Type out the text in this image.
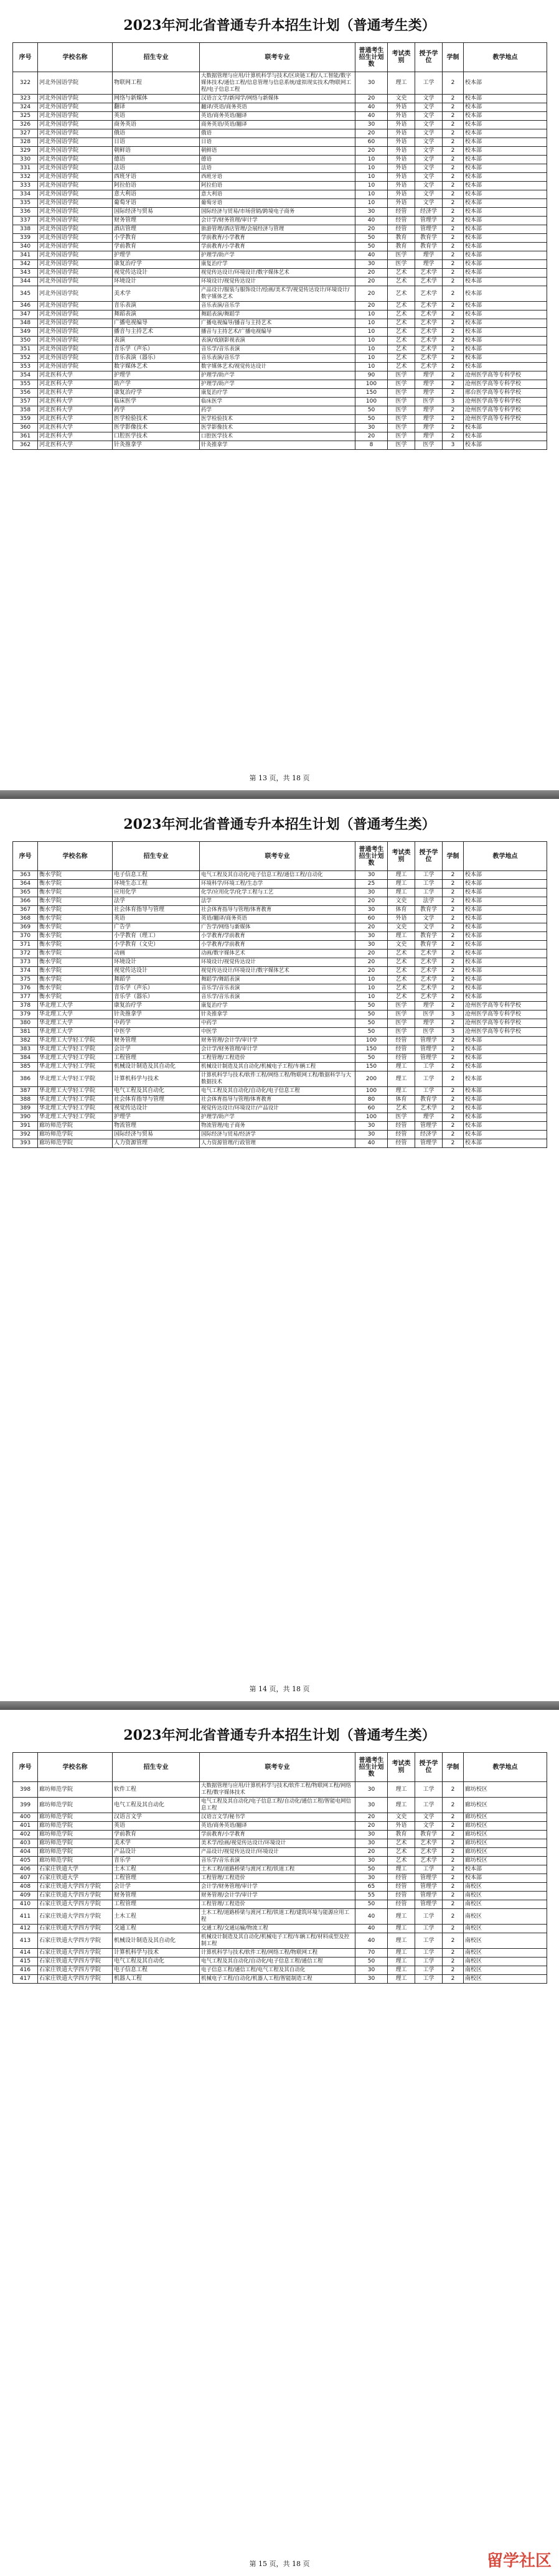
2023年河北省普通专升本招生计划（普通考生类）
序号	学校名称	招生专业	联考专业	普通考生招生计划数	考试类别	授予学位	学制	教学地点
322	河北外国语学院	物联网工程	大数据管理与应用/计算机科学与技术/区块链工程/人工智能/数字媒体技术/通信工程/信息管理与信息系统/虚拟现实技术/物联网工程/电子信息工程	30	理工	工学	2	校本部
323	河北外国语学院	网络与新媒体	汉语言文学/新闻学/网络与新媒体	20	文史	文学	2	校本部
324	河北外国语学院	翻译	翻译/英语/商务英语	40	外语	文学	2	校本部
325	河北外国语学院	英语	英语/商务英语/翻译	40	外语	文学	2	校本部
326	河北外国语学院	商务英语	商务英语/英语/翻译	30	外语	文学	2	校本部
327	河北外国语学院	俄语	俄语	20	外语	文学	2	校本部
328	河北外国语学院	日语	日语	60	外语	文学	2	校本部
329	河北外国语学院	朝鲜语	朝鲜语	20	外语	文学	2	校本部
330	河北外国语学院	德语	德语	10	外语	文学	2	校本部
331	河北外国语学院	法语	法语	10	外语	文学	2	校本部
332	河北外国语学院	西班牙语	西班牙语	10	外语	文学	2	校本部
333	河北外国语学院	阿拉伯语	阿拉伯语	10	外语	文学	2	校本部
334	河北外国语学院	意大利语	意大利语	10	外语	文学	2	校本部
335	河北外国语学院	葡萄牙语	葡萄牙语	10	外语	文学	2	校本部
336	河北外国语学院	国际经济与贸易	国际经济与贸易/市场营销/跨境电子商务	30	经管	经济学	2	校本部
337	河北外国语学院	财务管理	会计学/财务管理/审计学	40	经管	管理学	2	校本部
338	河北外国语学院	酒店管理	旅游管理/酒店管理/会展经济与管理	20	经管	管理学	2	校本部
339	河北外国语学院	小学教育	学前教育/小学教育	50	教育	教育学	2	校本部
340	河北外国语学院	学前教育	学前教育/小学教育	50	教育	教育学	2	校本部
341	河北外国语学院	护理学	护理学/助产学	40	医学	理学	2	校本部
342	河北外国语学院	康复治疗学	康复治疗学	30	医学	理学	2	校本部
343	河北外国语学院	视觉传达设计	视觉传达设计/环境设计/数字媒体艺术	20	艺术	艺术学	2	校本部
344	河北外国语学院	环境设计	环境设计/视觉传达设计	20	艺术	艺术学	2	校本部
345	河北外国语学院	美术学	产品设计/服装与服饰设计/绘画/美术学/视觉传达设计/环境设计/数字媒体艺术	20	艺术	艺术学	2	校本部
346	河北外国语学院	音乐表演	音乐表演/音乐学	20	艺术	艺术学	2	校本部
347	河北外国语学院	舞蹈表演	舞蹈表演/舞蹈学	10	艺术	艺术学	2	校本部
348	河北外国语学院	广播电视编导	广播电视编导/播音与主持艺术	10	艺术	艺术学	2	校本部
349	河北外国语学院	播音与主持艺术	播音与主持艺术/广播电视编导	10	艺术	艺术学	2	校本部
350	河北外国语学院	表演	表演/戏剧影视表演	10	艺术	艺术学	2	校本部
351	河北外国语学院	音乐学（声乐）	音乐学/音乐表演	10	艺术	艺术学	2	校本部
352	河北外国语学院	音乐表演（器乐）	音乐表演/音乐学	10	艺术	艺术学	2	校本部
353	河北外国语学院	数字媒体艺术	数字媒体艺术/视觉传达设计	10	艺术	艺术学	2	校本部
354	河北医科大学	护理学	护理学/助产学	90	医学	理学	2	沧州医学高等专科学校
355	河北医科大学	助产学	护理学/助产学	100	医学	理学	2	沧州医学高等专科学校
356	河北医科大学	康复治疗学	康复治疗学	150	医学	理学	2	邢台医学高等专科学校
357	河北医科大学	临床医学	临床医学	100	医学	医学	3	沧州医学高等专科学校
358	河北医科大学	药学	药学	50	医学	理学	2	沧州医学高等专科学校
359	河北医科大学	医学检验技术	医学检验技术	50	医学	理学	2	沧州医学高等专科学校
360	河北医科大学	医学影像技术	医学影像技术	30	医学	理学	2	校本部
361	河北医科大学	口腔医学技术	口腔医学技术	20	医学	理学	2	校本部
362	河北医科大学	针灸推拿学	针灸推拿学	8	医学	医学	3	校本部
第 13 页，共 18 页
2023年河北省普通专升本招生计划（普通考生类）
序号	学校名称	招生专业	联考专业	普通考生招生计划数	考试类别	授予学位	学制	教学地点
363	衡水学院	电子信息工程	电气工程及其自动化/电子信息工程/通信工程/自动化	30	理工	工学	2	校本部
364	衡水学院	环境生态工程	环境科学/环境工程/生态学	25	理工	工学	2	校本部
365	衡水学院	应用化学	化学/应用化学/化学工程与工艺	30	理工	工学	2	校本部
366	衡水学院	法学	法学	20	文史	法学	2	校本部
367	衡水学院	社会体育指导与管理	社会体育指导与管理/体育教育	30	体育	教育学	2	校本部
368	衡水学院	英语	英语/翻译/商务英语	60	外语	文学	2	校本部
369	衡水学院	广告学	广告学/网络与新媒体	20	文史	文学	2	校本部
370	衡水学院	小学教育（理工）	小学教育/学前教育	30	理工	教育学	2	校本部
371	衡水学院	小学教育（文史）	小学教育/学前教育	30	文史	教育学	2	校本部
372	衡水学院	动画	动画/数字媒体艺术	20	艺术	艺术学	2	校本部
373	衡水学院	环境设计	环境设计/视觉传达设计	20	艺术	艺术学	2	校本部
374	衡水学院	视觉传达设计	视觉传达设计/环境设计/数字媒体艺术	20	艺术	艺术学	2	校本部
375	衡水学院	舞蹈学	舞蹈学/舞蹈表演	10	艺术	艺术学	2	校本部
376	衡水学院	音乐学（声乐）	音乐学/音乐表演	10	艺术	艺术学	2	校本部
377	衡水学院	音乐学（器乐）	音乐学/音乐表演	10	艺术	艺术学	2	校本部
378	华北理工大学	康复治疗学	康复治疗学	50	医学	理学	2	沧州医学高等专科学校
379	华北理工大学	针灸推拿学	针灸推拿学	50	医学	医学	3	沧州医学高等专科学校
380	华北理工大学	中药学	中药学	50	医学	理学	2	沧州医学高等专科学校
381	华北理工大学	中医学	中医学	50	医学	医学	3	沧州医学高等专科学校
382	华北理工大学轻工学院	财务管理	财务管理/会计学/审计学	100	经管	管理学	2	校本部
383	华北理工大学轻工学院	会计学	会计学/财务管理/审计学	150	经管	管理学	2	校本部
384	华北理工大学轻工学院	工程管理	工程管理/工程造价	50	经管	管理学	2	校本部
385	华北理工大学轻工学院	机械设计制造及其自动化	机械设计制造及其自动化/机械电子工程/车辆工程	150	理工	工学	2	校本部
386	华北理工大学轻工学院	计算机科学与技术	计算机科学与技术/软件工程/网络工程/物联网工程/数据科学与大数据技术	200	理工	工学	2	校本部
387	华北理工大学轻工学院	电气工程及其自动化	电气工程及其自动化/自动化/电子信息工程	100	理工	工学	2	校本部
388	华北理工大学轻工学院	社会体育指导与管理	社会体育指导与管理/体育教育	80	体育	教育学	2	校本部
389	华北理工大学轻工学院	视觉传达设计	视觉传达设计/环境设计/产品设计	60	艺术	艺术学	2	校本部
390	华北理工大学轻工学院	护理学	护理学/助产学	100	医学	理学	2	校本部
391	廊坊师范学院	物流管理	物流管理/电子商务	30	经管	管理学	2	校本部
392	廊坊师范学院	国际经济与贸易	国际经济与贸易/经济学	30	经管	经济学	2	校本部
393	廊坊师范学院	人力资源管理	人力资源管理/行政管理	40	经管	管理学	2	校本部
第 14 页，共 18 页
2023年河北省普通专升本招生计划（普通考生类）
序号	学校名称	招生专业	联考专业	普通考生招生计划数	考试类别	授予学位	学制	教学地点
398	廊坊师范学院	软件工程	大数据管理与应用/计算机科学与技术/软件工程/物联网工程/网络工程/数字媒体技术	30	理工	工学	2	廊坊校区
399	廊坊师范学院	电气工程及其自动化	电气工程及其自动化/电子信息工程/自动化/通信工程/智能电网信息工程	30	理工	工学	2	廊坊校区
400	廊坊师范学院	汉语言文学	汉语言文学/秘书学	20	文史	文学	2	廊坊校区
401	廊坊师范学院	英语	英语/商务英语/翻译	20	外语	文学	2	廊坊校区
402	廊坊师范学院	学前教育	学前教育/小学教育	30	教育	教育学	2	廊坊校区
403	廊坊师范学院	美术学	美术学/绘画/视觉传达设计/环境设计	30	艺术	艺术学	2	廊坊校区
404	廊坊师范学院	产品设计	产品设计/视觉传达设计/环境设计	20	艺术	艺术学	2	廊坊校区
405	廊坊师范学院	音乐学	音乐学/音乐表演	30	艺术	艺术学	2	廊坊校区
406	石家庄铁道大学	土木工程	土木工程/道路桥梁与渡河工程/铁道工程	50	理工	工学	2	校本部
407	石家庄铁道大学	工程管理	工程管理/工程造价	30	经管	管理学	2	校本部
408	石家庄铁道大学四方学院	会计学	会计学/财务管理/审计学	65	经管	管理学	2	南校区
409	石家庄铁道大学四方学院	财务管理	财务管理/会计学/审计学	55	经管	管理学	2	南校区
410	石家庄铁道大学四方学院	工程管理	工程管理/工程造价	50	经管	管理学	2	南校区
411	石家庄铁道大学四方学院	土木工程	土木工程/道路桥梁与渡河工程/铁道工程/建筑环境与能源应用工程	40	理工	工学	2	南校区
412	石家庄铁道大学四方学院	交通工程	交通工程/交通运输/物流工程	40	理工	工学	2	南校区
413	石家庄铁道大学四方学院	机械设计制造及其自动化	机械设计制造及其自动化/机械电子工程/车辆工程/材料成型及控制工程	40	理工	工学	2	南校区
414	石家庄铁道大学四方学院	计算机科学与技术	计算机科学与技术/软件工程/网络工程/物联网工程	70	理工	工学	2	南校区
415	石家庄铁道大学四方学院	电气工程及其自动化	电气工程及其自动化/自动化/电子信息工程/通信工程	50	理工	工学	2	南校区
416	石家庄铁道大学四方学院	电子信息工程	电子信息工程/通信工程/电气工程及其自动化	30	理工	工学	2	南校区
417	石家庄铁道大学四方学院	机器人工程	机械电子工程/自动化/机器人工程/智能制造工程	30	理工	工学	2	南校区
第 15 页，共 18 页	留学社区
